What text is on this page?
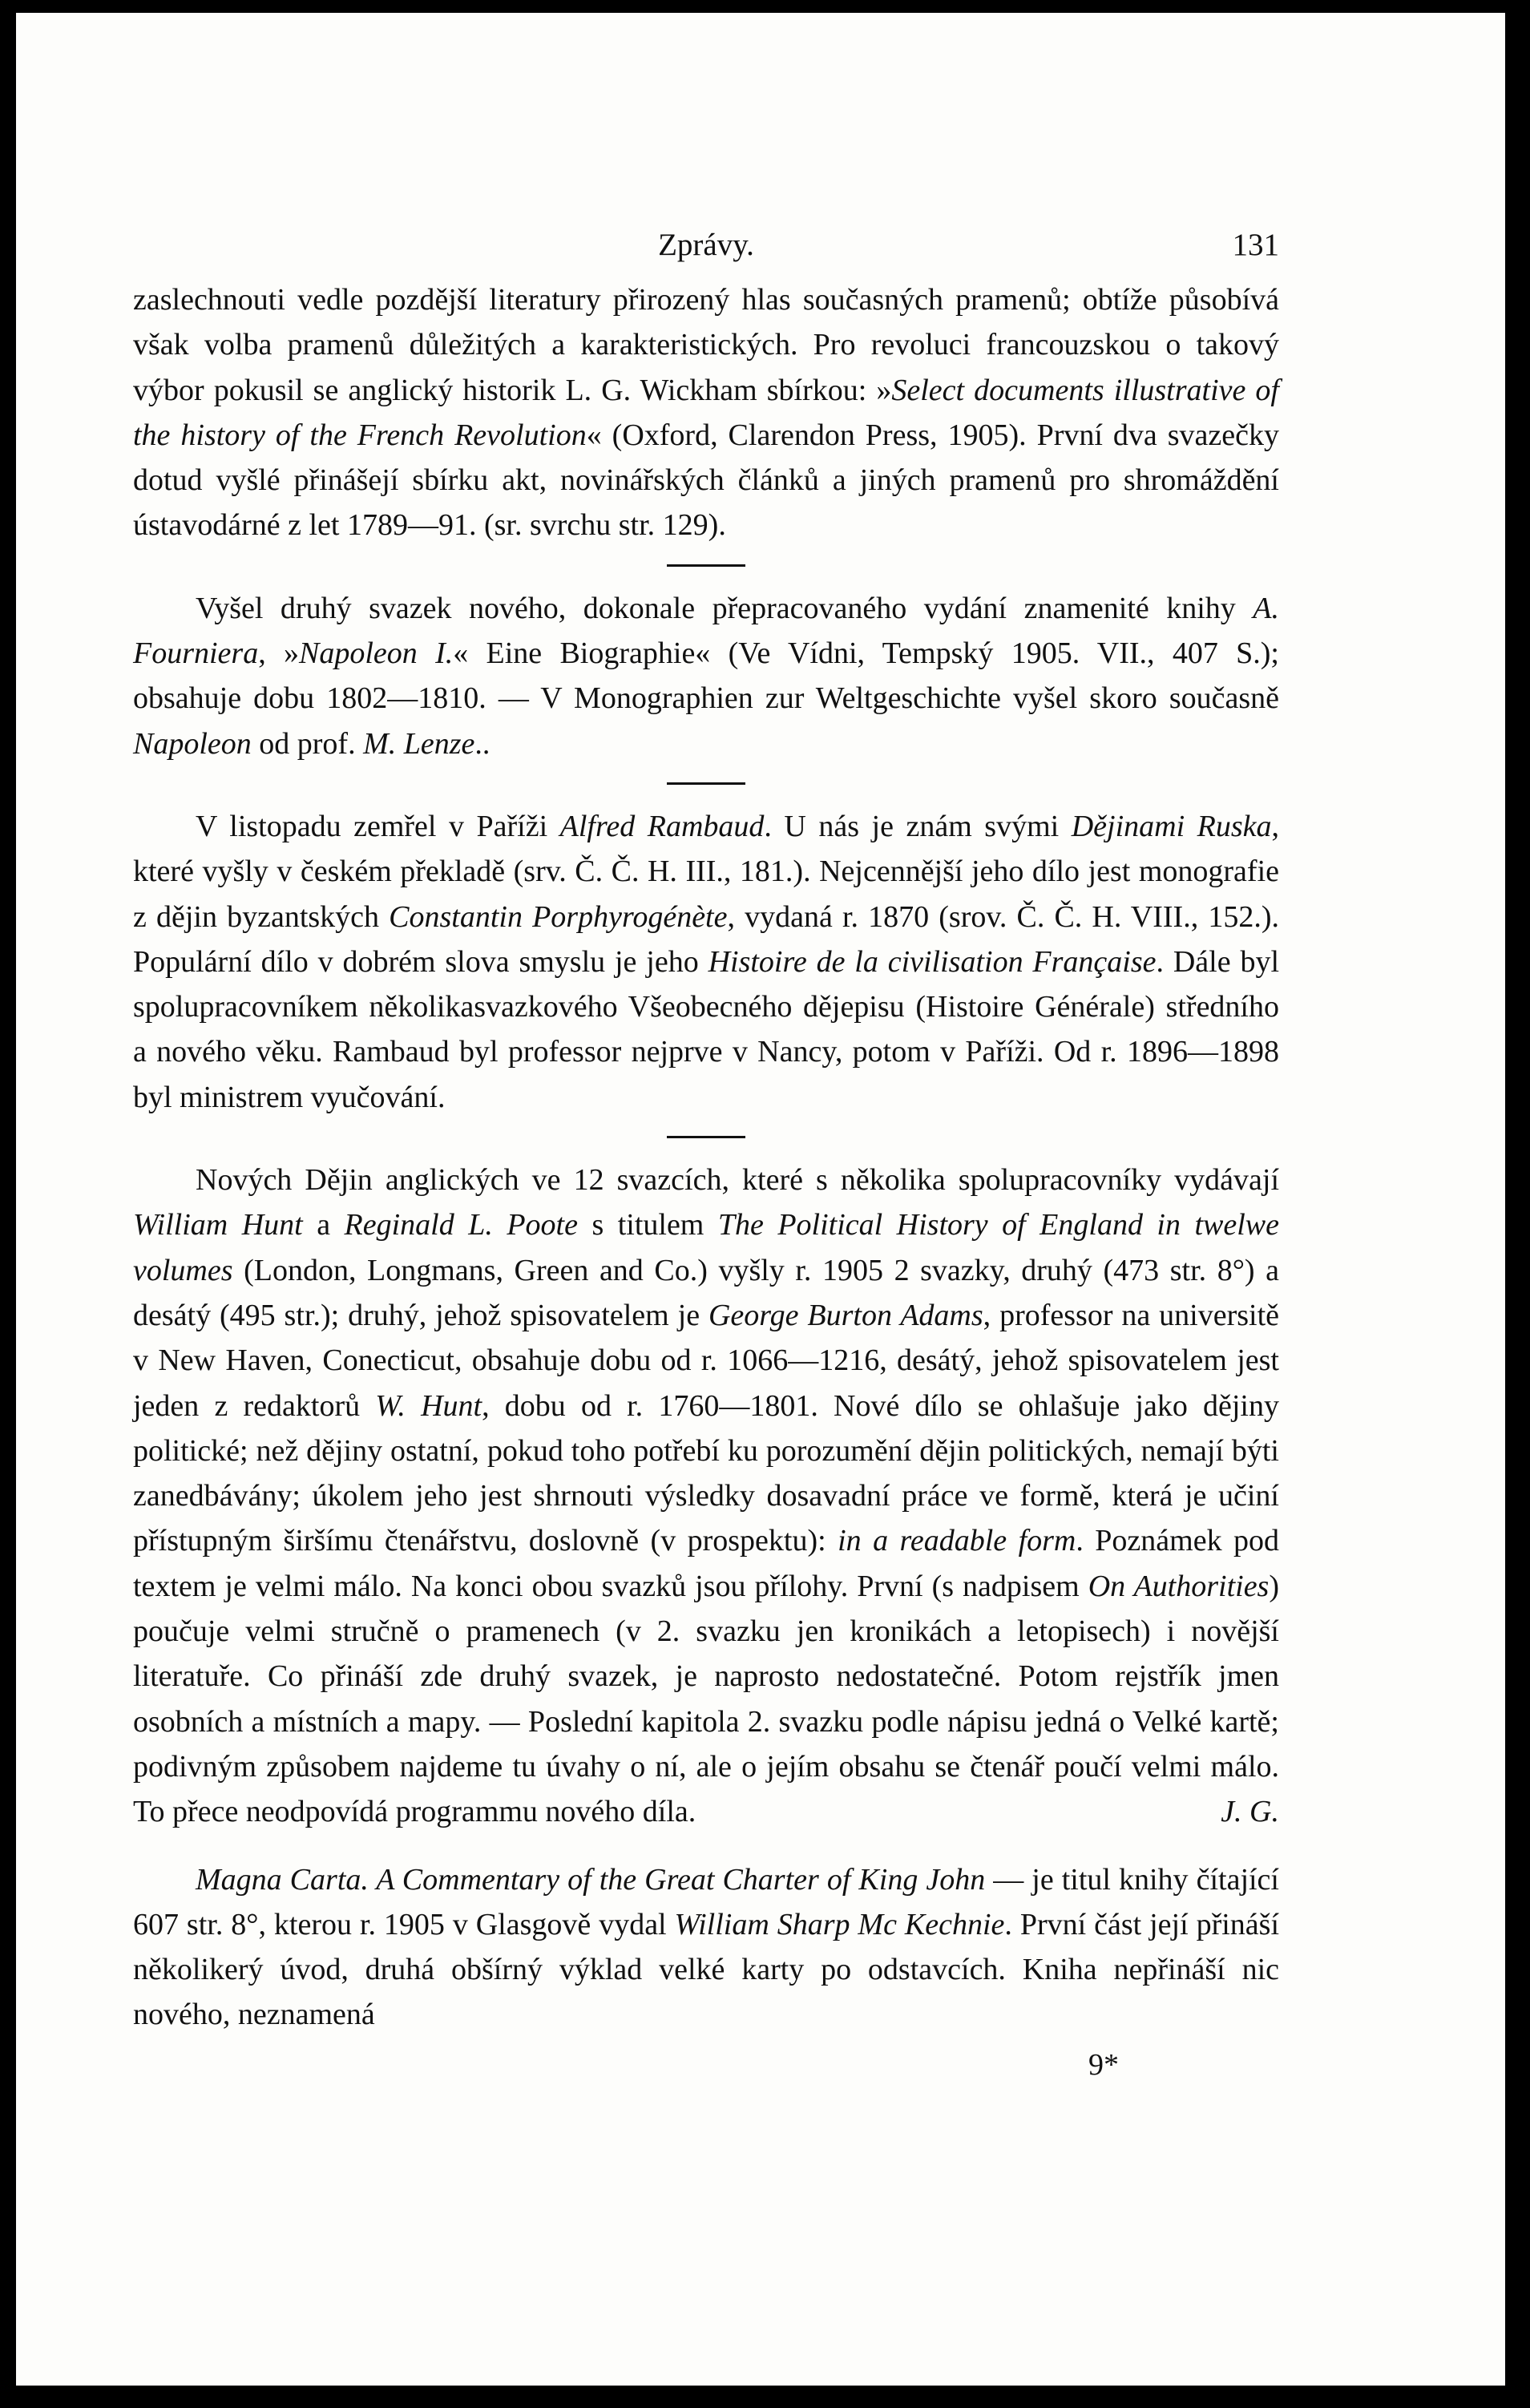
Zprávy.	131

zaslechnouti vedle pozdější literatury přirozený hlas současných pramenů; obtíže působívá však volba pramenů důležitých a karakteristických. Pro revoluci francouzskou o takový výbor pokusil se anglický historik L. G. Wickham sbírkou: »Select documents illustrative of the history of the French Revolution« (Oxford, Clarendon Press, 1905). První dva svazečky dotud vyšlé přinášejí sbírku akt, novinářských článků a jiných pramenů pro shromáždění ústavodárné z let 1789—91. (sr. svrchu str. 129).

Vyšel druhý svazek nového, dokonale přepracovaného vydání znamenité knihy A. Fourniera, »Napoleon I.« Eine Biographie« (Ve Vídni, Tempský 1905. VII., 407 S.); obsahuje dobu 1802—1810. — V Monographien zur Weltgeschichte vyšel skoro současně Napoleon od prof. M. Lenze..

V listopadu zemřel v Paříži Alfred Rambaud. U nás je znám svými Dějinami Ruska, které vyšly v českém překladě (srv. Č. Č. H. III., 181.). Nejcennější jeho dílo jest monografie z dějin byzantských Constantin Porphyrogénète, vydaná r. 1870 (srov. Č. Č. H. VIII., 152.). Populární dílo v dobrém slova smyslu je jeho Histoire de la civilisation Française. Dále byl spolupracovníkem několikasvazkového Všeobecného dějepisu (Histoire Générale) středního a nového věku. Rambaud byl professor nejprve v Nancy, potom v Paříži. Od r. 1896—1898 byl ministrem vyučování.

Nových Dějin anglických ve 12 svazcích, které s několika spolupracovníky vydávají William Hunt a Reginald L. Poote s titulem The Political History of England in twelwe volumes (London, Longmans, Green and Co.) vyšly r. 1905 2 svazky, druhý (473 str. 8°) a desátý (495 str.); druhý, jehož spisovatelem je George Burton Adams, professor na universitě v New Haven, Conecticut, obsahuje dobu od r. 1066—1216, desátý, jehož spisovatelem jest jeden z redaktorů W. Hunt, dobu od r. 1760—1801. Nové dílo se ohlašuje jako dějiny politické; než dějiny ostatní, pokud toho potřebí ku porozumění dějin politických, nemají býti zanedbávány; úkolem jeho jest shrnouti výsledky dosavadní práce ve formě, která je učiní přístupným širšímu čtenářstvu, doslovně (v prospektu): in a readable form. Poznámek pod textem je velmi málo. Na konci obou svazků jsou přílohy. První (s nadpisem On Authorities) poučuje velmi stručně o pramenech (v 2. svazku jen kronikách a letopisech) i novější literatuře. Co přináší zde druhý svazek, je naprosto nedostatečné. Potom rejstřík jmen osobních a místních a mapy. — Poslední kapitola 2. svazku podle nápisu jedná o Velké kartě; podivným způsobem najdeme tu úvahy o ní, ale o jejím obsahu se čtenář poučí velmi málo. To přece neodpovídá programmu nového díla.	J. G.

Magna Carta. A Commentary of the Great Charter of King John — je titul knihy čítající 607 str. 8°, kterou r. 1905 v Glasgově vydal William Sharp Mc Kechnie. První část její přináší několikerý úvod, druhá obšírný výklad velké karty po odstavcích. Kniha nepřináší nic nového, neznamená

9*
